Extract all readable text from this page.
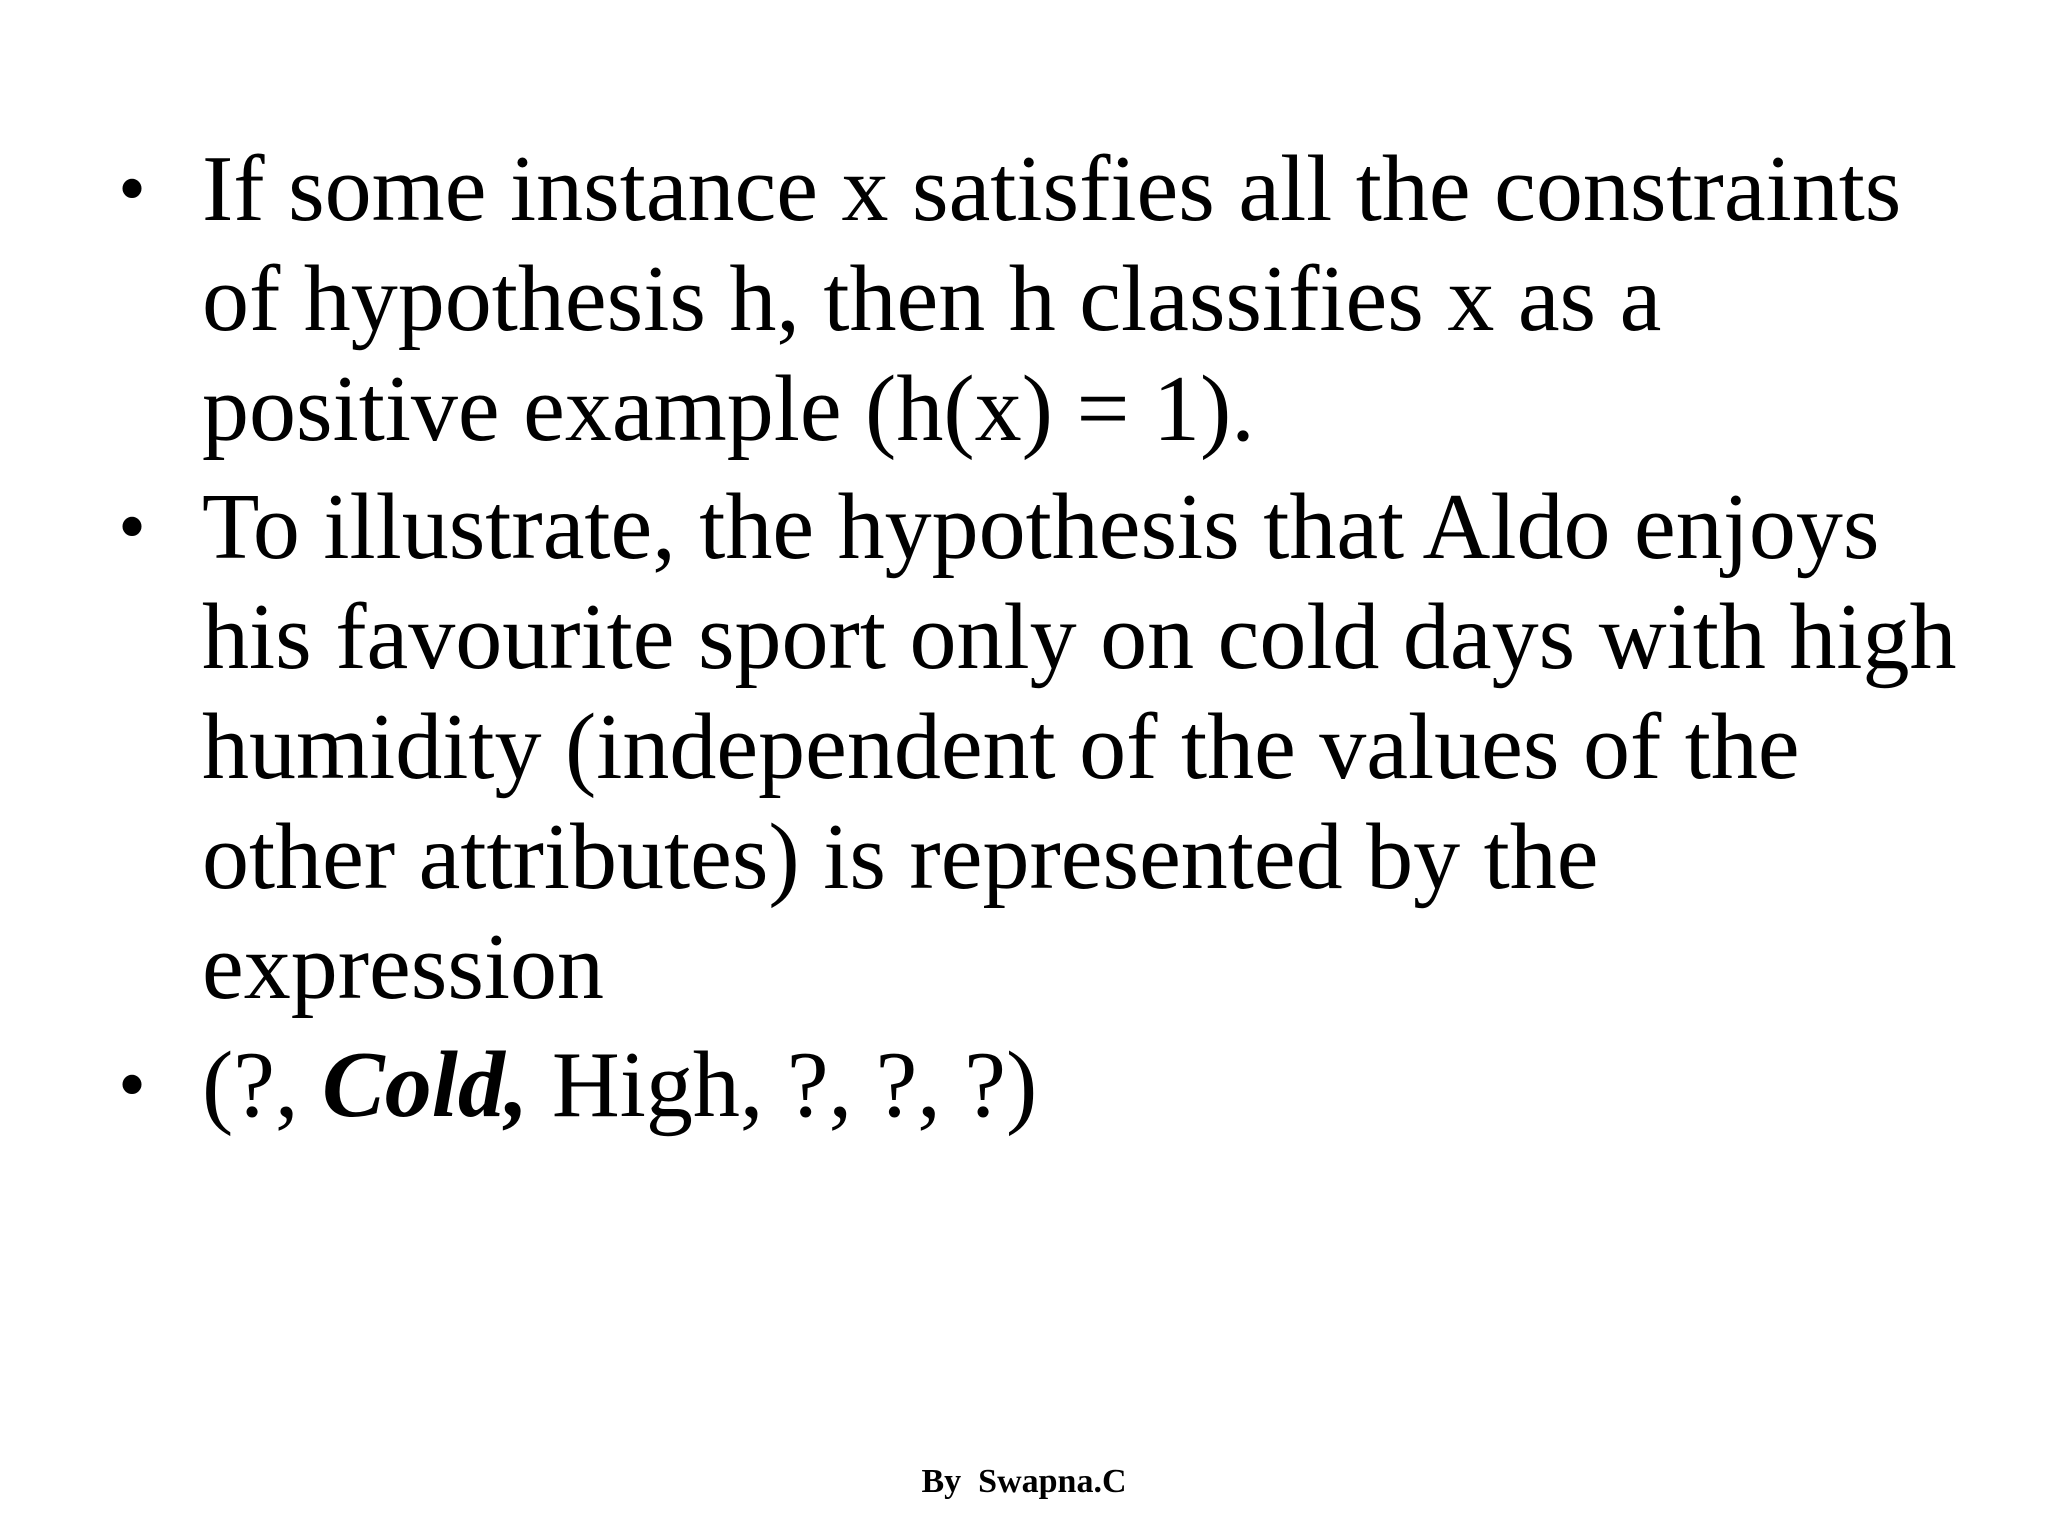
• If some instance x satisfies all the constraints
of hypothesis h, then h classifies x as a
positive example (h(x) = 1).
• To illustrate, the hypothesis that Aldo enjoys
his favourite sport only on cold days with high
humidity (independent of the values of the
other attributes) is represented by the
expression
• (?, Cold, High, ?, ?, ?)
By  Swapna.C
